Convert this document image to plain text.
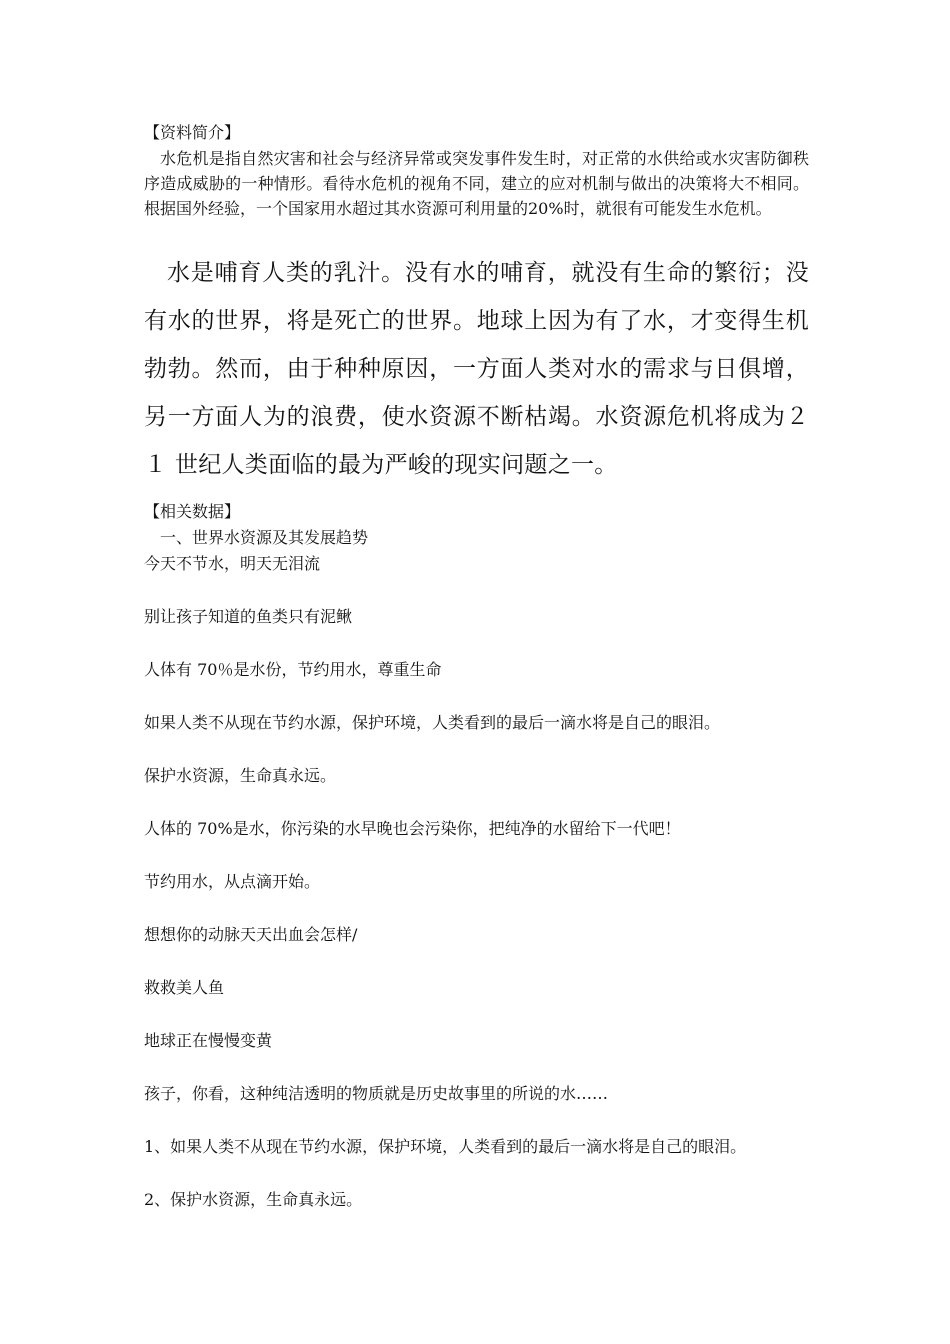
【资料简介】

水危机是指自然灾害和社会与经济异常或突发事件发生时，对正常的水供给或水灾害防御秩序造成威胁的一种情形。看待水危机的视角不同，建立的应对机制与做出的决策将大不相同。根据国外经验，一个国家用水超过其水资源可利用量的20%时，就很有可能发生水危机。

水是哺育人类的乳汁。没有水的哺育，就没有生命的繁衍；没有水的世界，将是死亡的世界。地球上因为有了水，才变得生机勃勃。然而，由于种种原因，一方面人类对水的需求与日俱增，另一方面人为的浪费，使水资源不断枯竭。水资源危机将成为２１ 世纪人类面临的最为严峻的现实问题之一。

【相关数据】

一、世界水资源及其发展趋势

今天不节水，明天无泪流

别让孩子知道的鱼类只有泥鳅

人体有 70％是水份，节约用水，尊重生命

如果人类不从现在节约水源，保护环境，人类看到的最后一滴水将是自己的眼泪。

保护水资源，生命真永远。

人体的 70%是水，你污染的水早晚也会污染你，把纯净的水留给下一代吧！

节约用水，从点滴开始。

想想你的动脉天天出血会怎样/

救救美人鱼

地球正在慢慢变黄

孩子，你看，这种纯洁透明的物质就是历史故事里的所说的水……

1、如果人类不从现在节约水源，保护环境，人类看到的最后一滴水将是自己的眼泪。

2、保护水资源，生命真永远。
